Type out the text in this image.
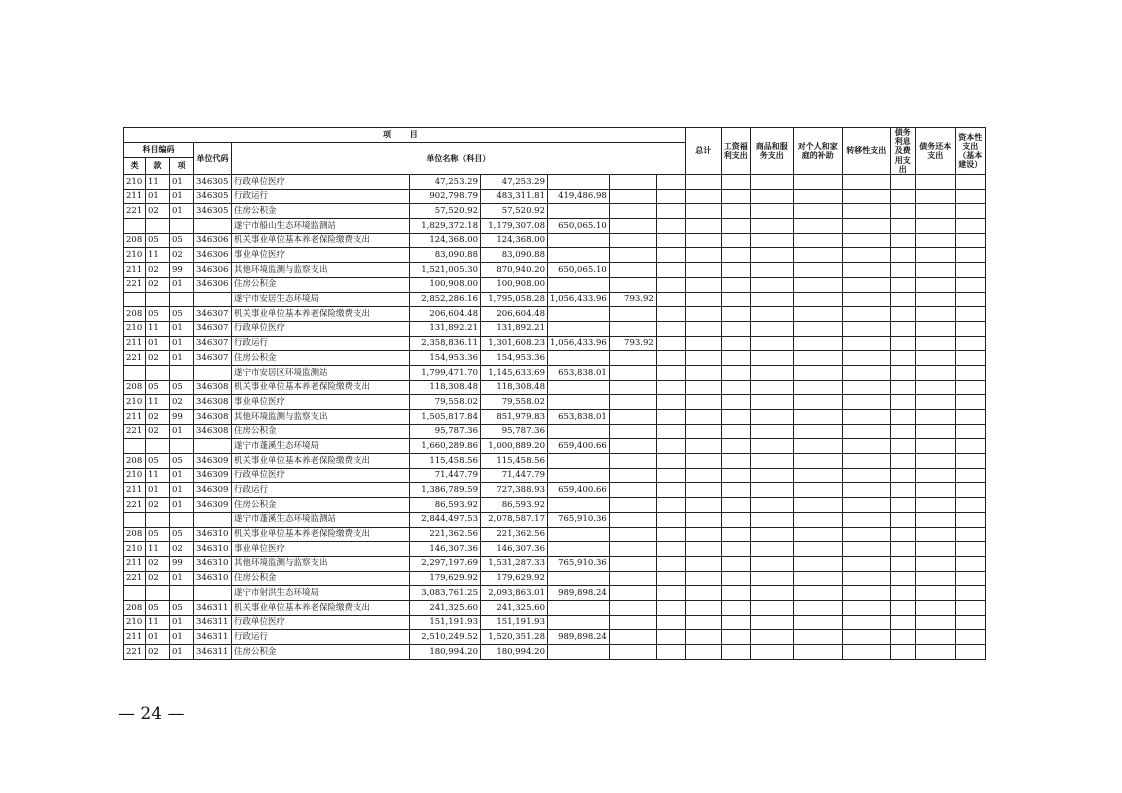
项 目										总计	工资福利支出	商品和服务支出	对个人和家庭的补助	转移性支出	债务利息及费用支出	债务还本支出	资本性支出（基本建设）
科目编码			单位代码	单位名称（科目）													
类	款	项															
210	11	01	346305	行政单位医疗	47,253.29	47,253.29											
211	01	01	346305	行政运行	902,798.79	483,311.81	419,486.98										
221	02	01	346305	住房公积金	57,520.92	57,520.92											
				遂宁市船山生态环境监测站	1,829,372.18	1,179,307.08	650,065.10										
208	05	05	346306	机关事业单位基本养老保险缴费支出	124,368.00	124,368.00											
210	11	02	346306	事业单位医疗	83,090.88	83,090.88											
211	02	99	346306	其他环境监测与监察支出	1,521,005.30	870,940.20	650,065.10										
221	02	01	346306	住房公积金	100,908.00	100,908.00											
				遂宁市安居生态环境局	2,852,286.16	1,795,058.28	1,056,433.96	793.92									
208	05	05	346307	机关事业单位基本养老保险缴费支出	206,604.48	206,604.48											
210	11	01	346307	行政单位医疗	131,892.21	131,892.21											
211	01	01	346307	行政运行	2,358,836.11	1,301,608.23	1,056,433.96	793.92									
221	02	01	346307	住房公积金	154,953.36	154,953.36											
				遂宁市安居区环境监测站	1,799,471.70	1,145,633.69	653,838.01										
208	05	05	346308	机关事业单位基本养老保险缴费支出	118,308.48	118,308.48											
210	11	02	346308	事业单位医疗	79,558.02	79,558.02											
211	02	99	346308	其他环境监测与监察支出	1,505,817.84	851,979.83	653,838.01										
221	02	01	346308	住房公积金	95,787.36	95,787.36											
				遂宁市蓬溪生态环境局	1,660,289.86	1,000,889.20	659,400.66										
208	05	05	346309	机关事业单位基本养老保险缴费支出	115,458.56	115,458.56											
210	11	01	346309	行政单位医疗	71,447.79	71,447.79											
211	01	01	346309	行政运行	1,386,789.59	727,388.93	659,400.66										
221	02	01	346309	住房公积金	86,593.92	86,593.92											
				遂宁市蓬溪生态环境监测站	2,844,497.53	2,078,587.17	765,910.36										
208	05	05	346310	机关事业单位基本养老保险缴费支出	221,362.56	221,362.56											
210	11	02	346310	事业单位医疗	146,307.36	146,307.36											
211	02	99	346310	其他环境监测与监察支出	2,297,197.69	1,531,287.33	765,910.36										
221	02	01	346310	住房公积金	179,629.92	179,629.92											
				遂宁市射洪生态环境局	3,083,761.25	2,093,863.01	989,898.24										
208	05	05	346311	机关事业单位基本养老保险缴费支出	241,325.60	241,325.60											
210	11	01	346311	行政单位医疗	151,191.93	151,191.93											
211	01	01	346311	行政运行	2,510,249.52	1,520,351.28	989,898.24										
221	02	01	346311	住房公积金	180,994.20	180,994.20											
— 24 —
